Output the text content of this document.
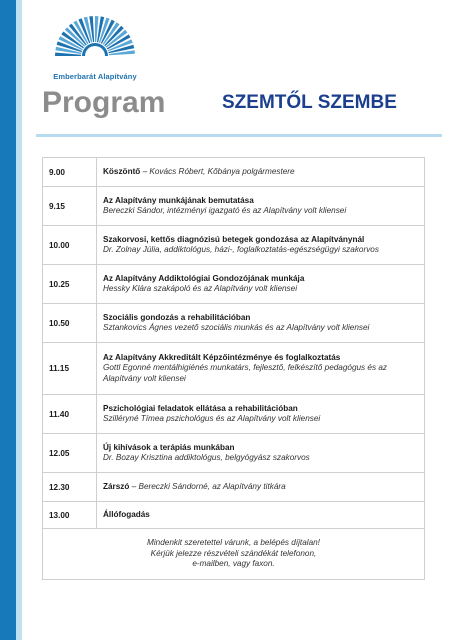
Emberbarát Alapítvány
Program	SZEMTŐL SZEMBE
9.00	Köszöntő – Kovács Róbert, Kőbánya polgármestere
9.15	Az Alapítvány munkájának bemutatása
Bereczki Sándor, intézményi igazgató és az Alapítvány volt kliensei
10.00	Szakorvosi, kettős diagnózisú betegek gondozása az Alapítványnál
Dr. Zolnay Júlia, addiktológus, házi-, foglalkoztatás-egészségügyi szakorvos
10.25	Az Alapítvány Addiktológiai Gondozójának munkája
Hessky Klára szakápoló és az Alapítvány volt kliensei
10.50	Szociális gondozás a rehabilitációban
Sztankovics Ágnes vezető szociális munkás és az Alapítvány volt kliensei
11.15	Az Alapítvány Akkreditált Képzőintézménye és foglalkoztatás
Gottl Egonné mentálhigiénés munkatárs, fejlesztő, felkészítő pedagógus és az Alapítvány volt kliensei
11.40	Pszichológiai feladatok ellátása a rehabilitációban
Szilléryné Tímea pszichológus és az Alapítvány volt kliensei
12.05	Új kihívások a terápiás munkában
Dr. Bozay Krisztina addiktológus, belgyógyász szakorvos
12.30	Zárszó – Bereczki Sándorné, az Alapítvány titkára
13.00	Állófogadás
Mindenkit szeretettel várunk, a belépés díjtalan!
Kérjük jelezze részvételi szándékát telefonon,
e-mailben, vagy faxon.	
